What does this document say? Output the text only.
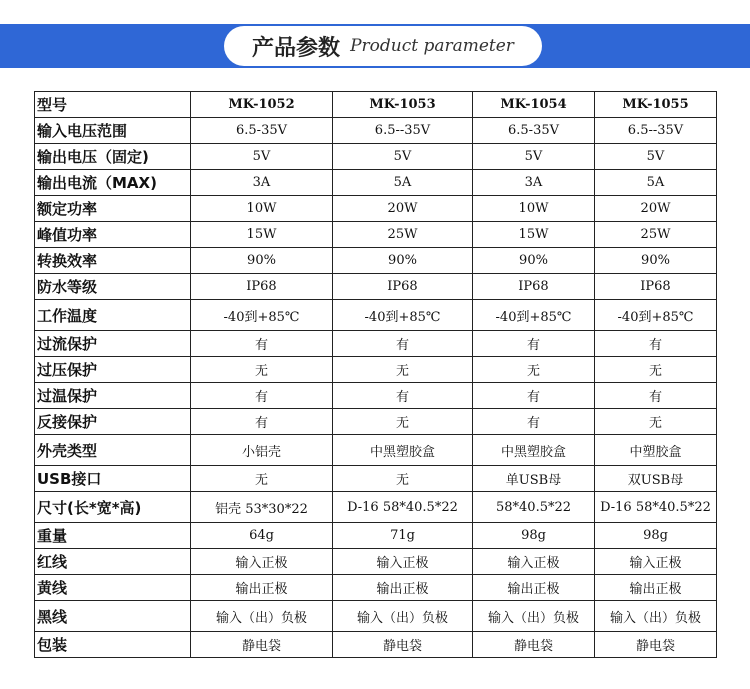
产品参数 Product parameter
型号	MK-1052	MK-1053	MK-1054	MK-1055
输入电压范围	6.5-35V	6.5--35V	6.5-35V	6.5--35V
输出电压（固定)	5V	5V	5V	5V
输出电流（MAX)	3A	5A	3A	5A
额定功率	10W	20W	10W	20W
峰值功率	15W	25W	15W	25W
转换效率	90%	90%	90%	90%
防水等级	IP68	IP68	IP68	IP68
工作温度	-40到+85℃	-40到+85℃	-40到+85℃	-40到+85℃
过流保护	有	有	有	有
过压保护	无	无	无	无
过温保护	有	有	有	有
反接保护	有	无	有	无
外壳类型	小铝壳	中黑塑胶盒	中黑塑胶盒	中塑胶盒
USB接口	无	无	单USB母	双USB母
尺寸(长*宽*高)	铝壳 53*30*22	D-16 58*40.5*22	58*40.5*22	D-16 58*40.5*22
重量	64g	71g	98g	98g
红线	输入正极	输入正极	输入正极	输入正极
黄线	输出正极	输出正极	输出正极	输出正极
黑线	输入（出）负极	输入（出）负极	输入（出）负极	输入（出）负极
包装	静电袋	静电袋	静电袋	静电袋
